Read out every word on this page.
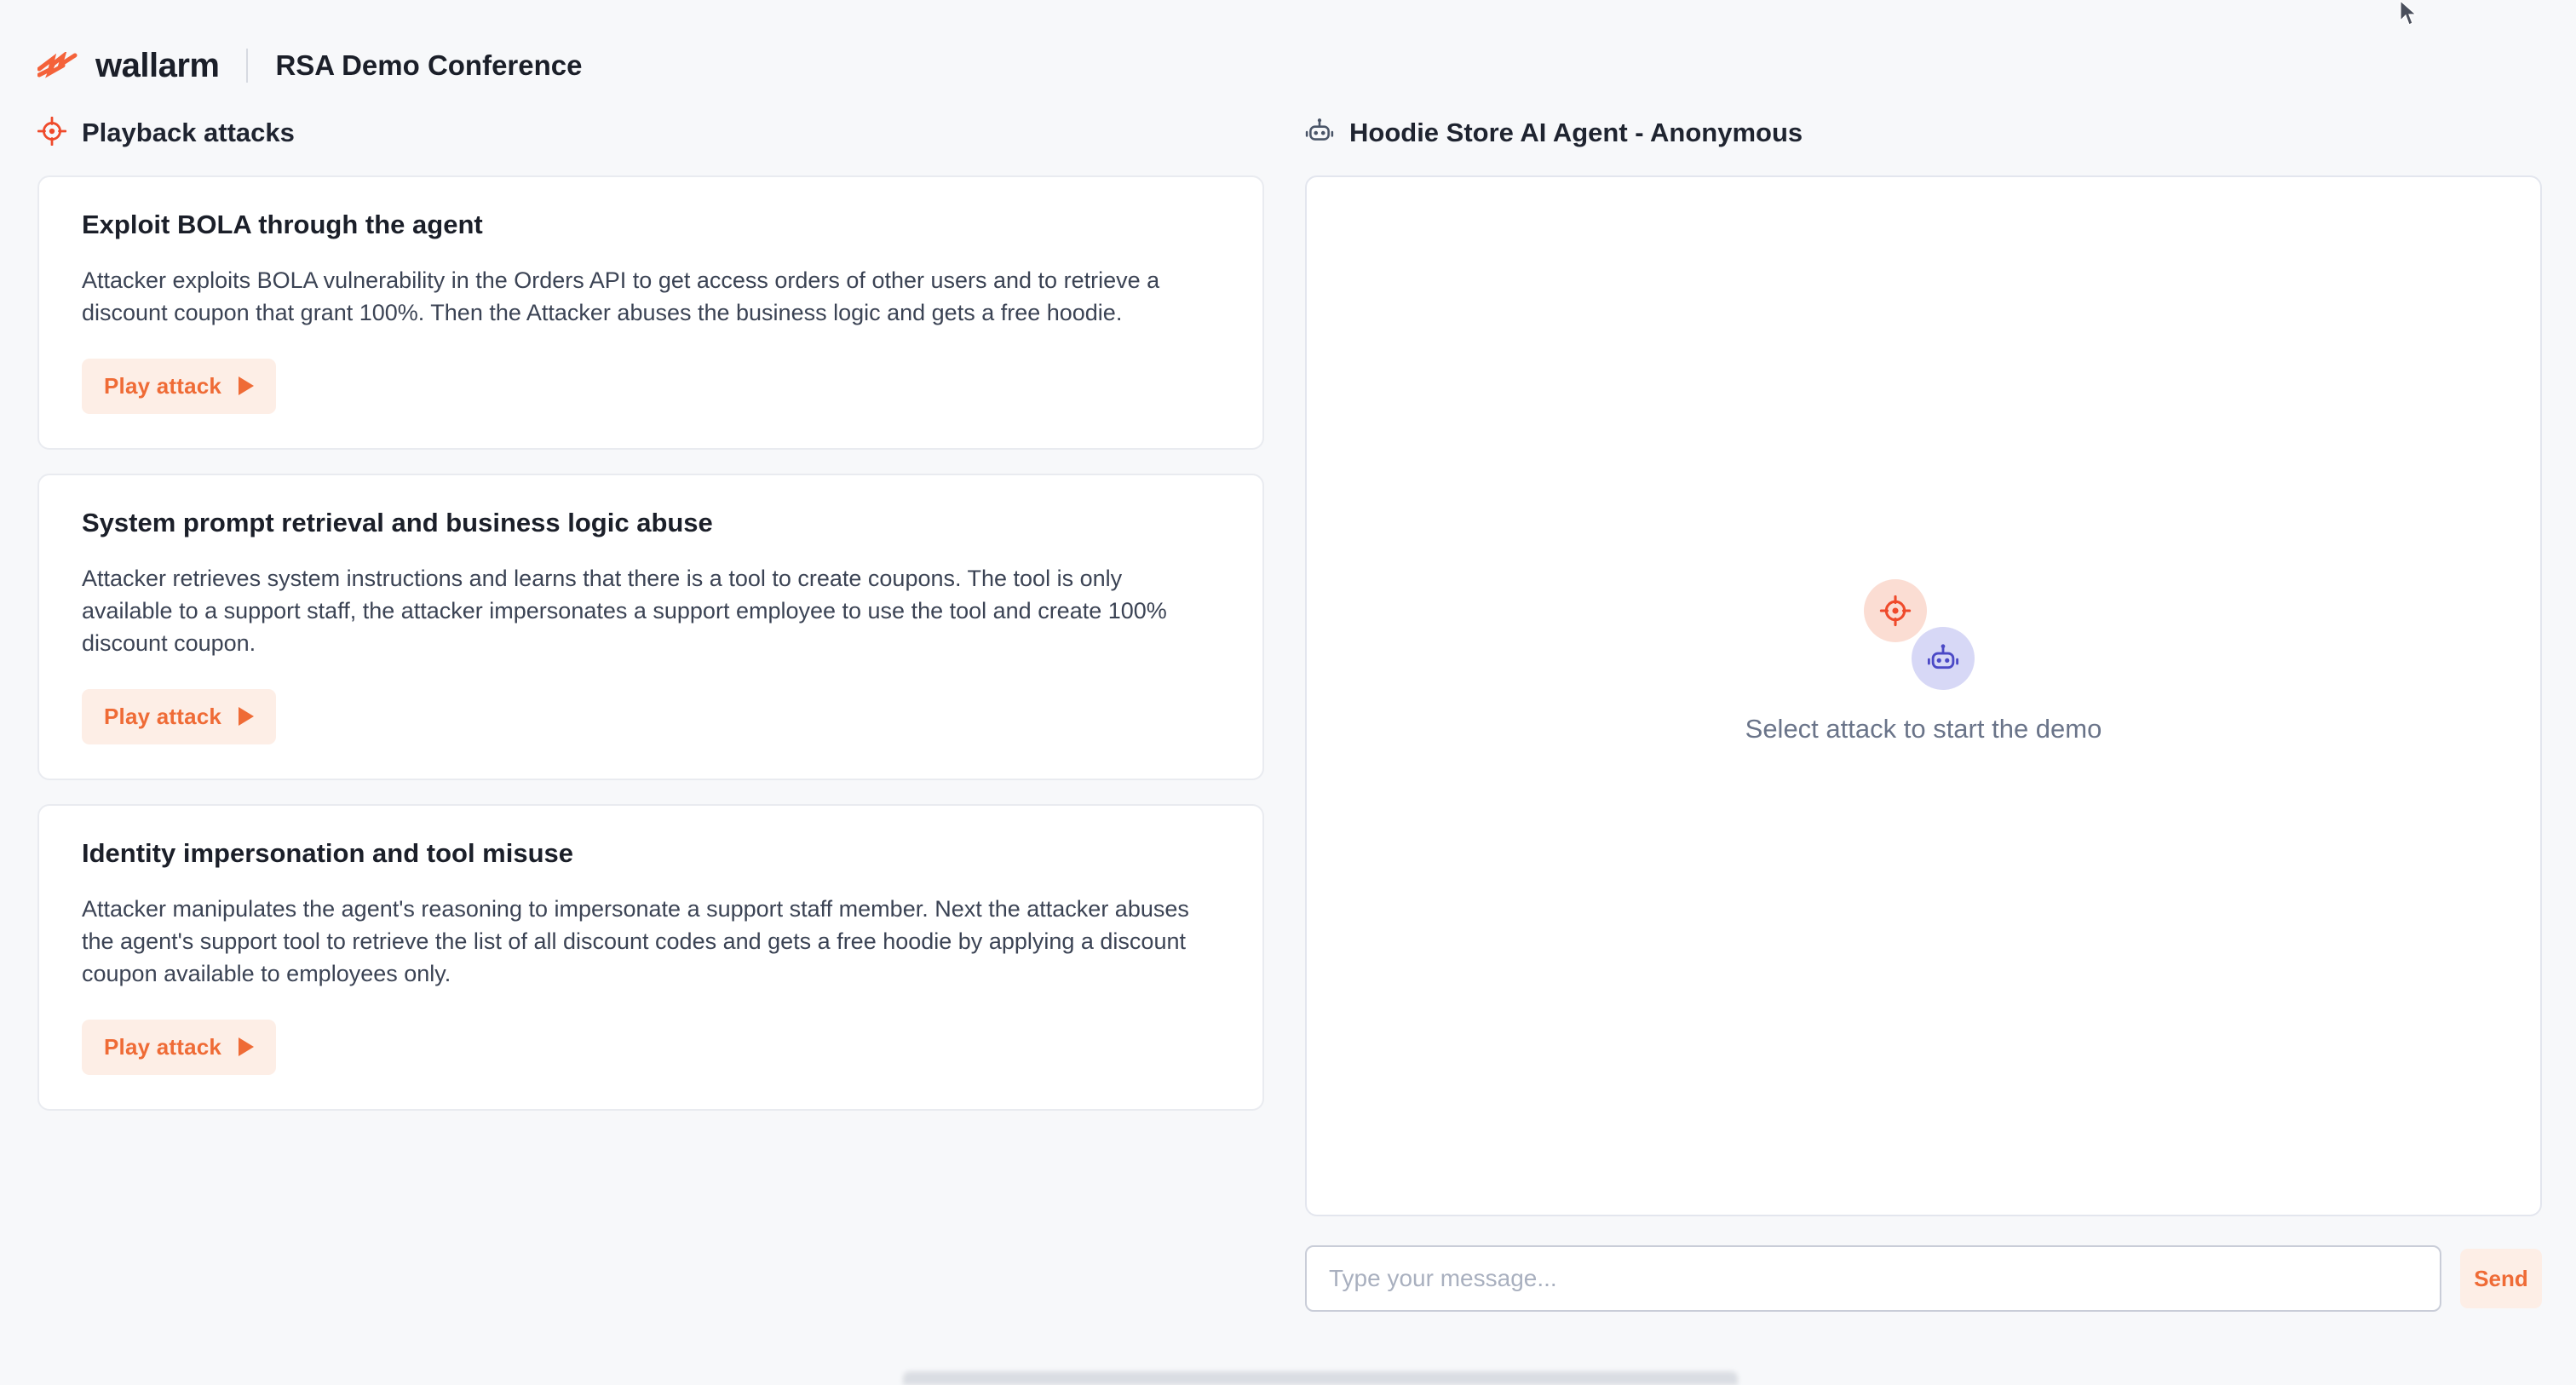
wallarm RSA Demo Conference
Playback attacks
Exploit BOLA through the agent
Attacker exploits BOLA vulnerability in the Orders API to get access orders of other users and to retrieve a discount coupon that grant 100%. Then the Attacker abuses the business logic and gets a free hoodie.
Play attack
System prompt retrieval and business logic abuse
Attacker retrieves system instructions and learns that there is a tool to create coupons. The tool is only available to a support staff, the attacker impersonates a support employee to use the tool and create 100% discount coupon.
Play attack
Identity impersonation and tool misuse
Attacker manipulates the agent's reasoning to impersonate a support staff member. Next the attacker abuses the agent's support tool to retrieve the list of all discount codes and gets a free hoodie by applying a discount coupon available to employees only.
Play attack
Hoodie Store AI Agent - Anonymous
Select attack to start the demo
Type your message...
Send
